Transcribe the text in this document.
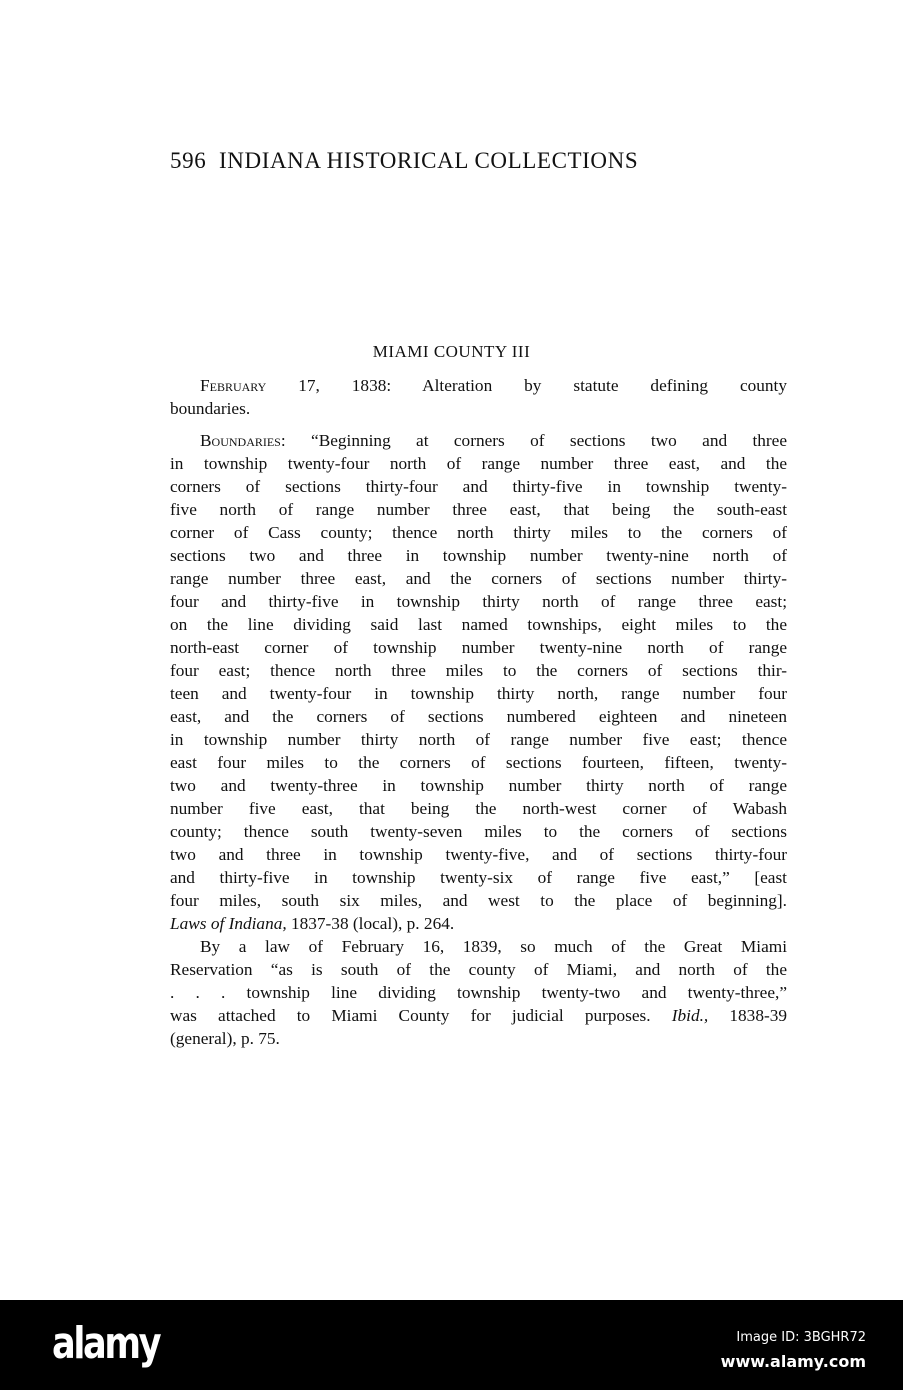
596 INDIANA HISTORICAL COLLECTIONS
MIAMI COUNTY III
February 17, 1838: Alteration by statute defining county
boundaries.
Boundaries: “Beginning at corners of sections two and three
in township twenty-four north of range number three east, and the
corners of sections thirty-four and thirty-five in township twenty-
five north of range number three east, that being the south-east
corner of Cass county; thence north thirty miles to the corners of
sections two and three in township number twenty-nine north of
range number three east, and the corners of sections number thirty-
four and thirty-five in township thirty north of range three east;
on the line dividing said last named townships, eight miles to the
north-east corner of township number twenty-nine north of range
four east; thence north three miles to the corners of sections thir-
teen and twenty-four in township thirty north, range number four
east, and the corners of sections numbered eighteen and nineteen
in township number thirty north of range number five east; thence
east four miles to the corners of sections fourteen, fifteen, twenty-
two and twenty-three in township number thirty north of range
number five east, that being the north-west corner of Wabash
county; thence south twenty-seven miles to the corners of sections
two and three in township twenty-five, and of sections thirty-four
and thirty-five in township twenty-six of range five east,” [east
four miles, south six miles, and west to the place of beginning].
Laws of Indiana, 1837-38 (local), p. 264.
By a law of February 16, 1839, so much of the Great Miami
Reservation “as is south of the county of Miami, and north of the
. . . township line dividing township twenty-two and twenty-three,”
was attached to Miami County for judicial purposes. Ibid., 1838-39
(general), p. 75.
alamy	Image ID: 3BGHR72
www.alamy.com
